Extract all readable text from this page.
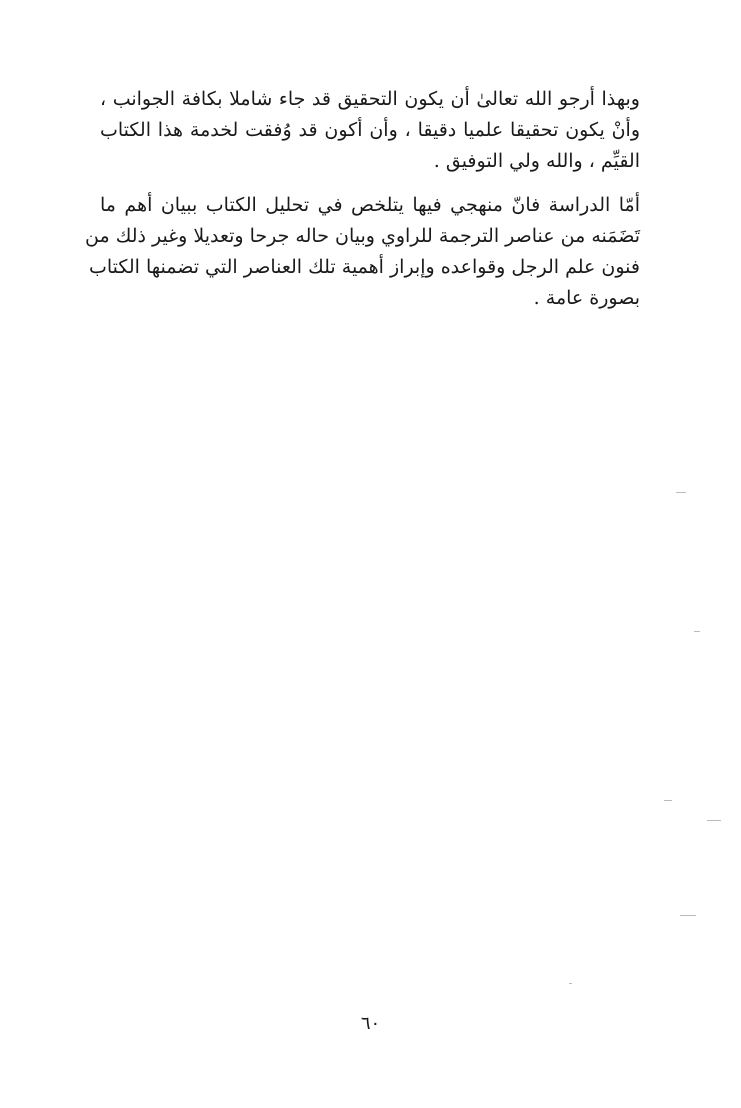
وبهذا أرجو الله تعالىٰ أن يكون التحقيق قد جاء شاملا بكافة الجوانب ،
وأنْ يكون تحقيقا علميا دقيقا ، وأن أكون قد وُفقت لخدمة هذا الكتاب
القيِّم ، والله ولي التوفيق .
أمّا الدراسة فانّ منهجي فيها يتلخص في تحليل الكتاب ببيان أهم ما
تَضَمَنه من عناصر الترجمة للراوي وبيان حاله جرحا وتعديلا وغير ذلك من
فنون علم الرجل وقواعده وإبراز أهمية تلك العناصر التي تضمنها الكتاب
بصورة عامة .
٦٠
